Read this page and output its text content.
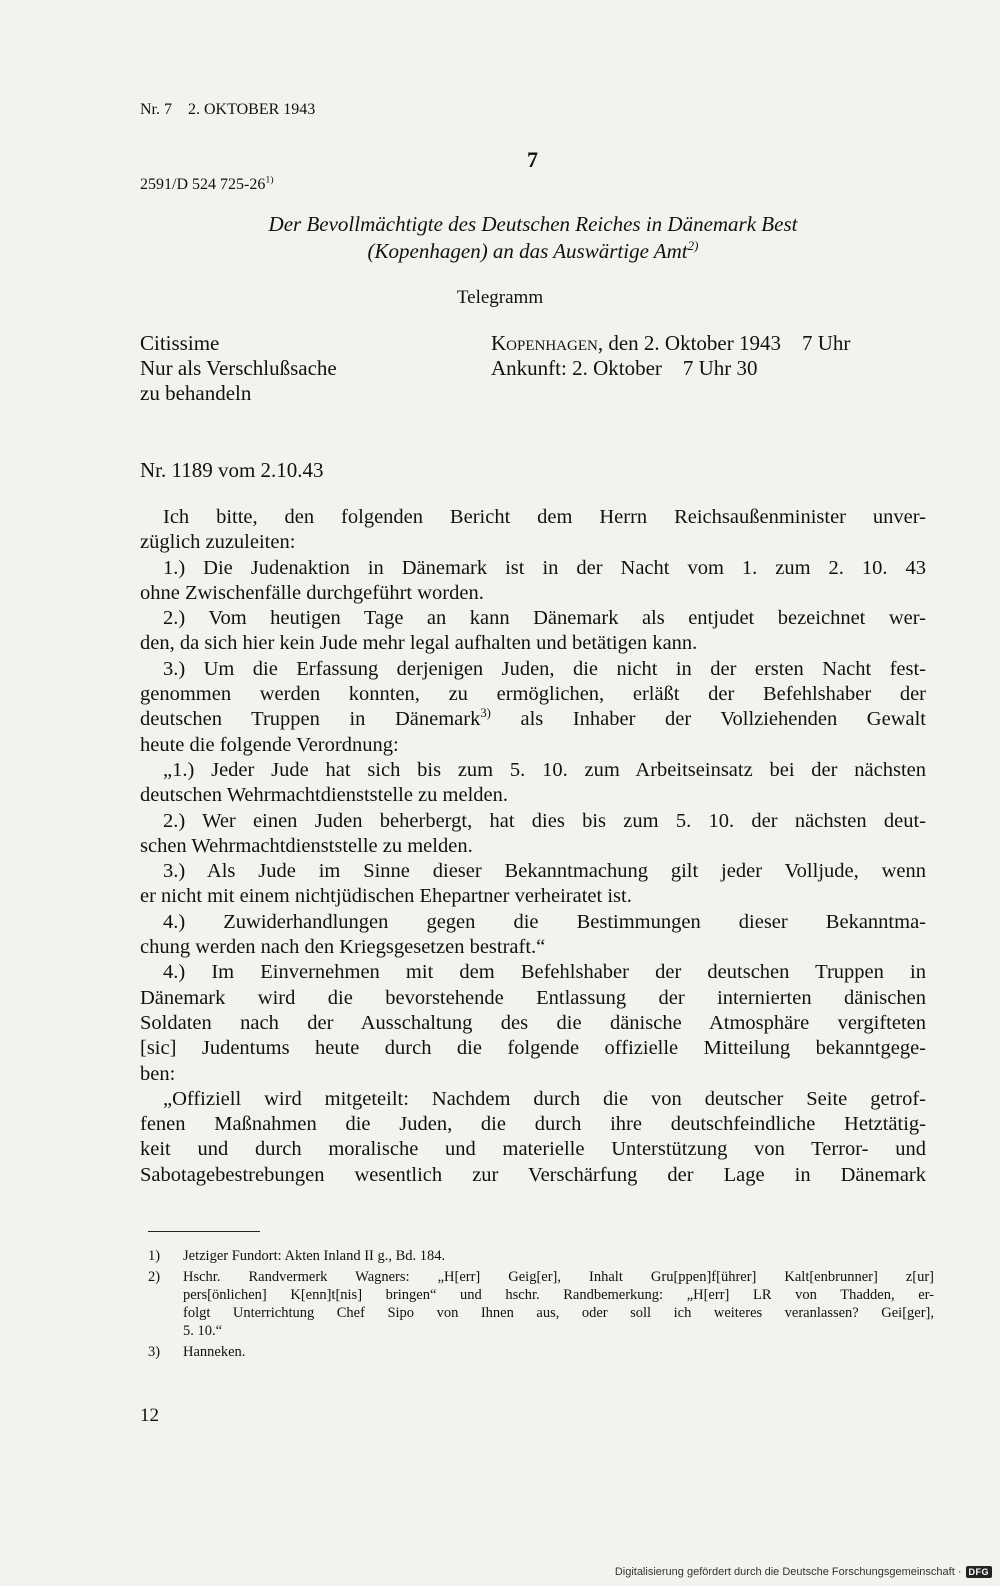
Nr. 7    2. OKTOBER 1943
7
2591/D 524 725-26$^{1)}$
Der Bevollmächtigte des Deutschen Reiches in Dänemark Best
(Kopenhagen) an das Auswärtige Amt$^{2)}$
Telegramm
Citissime
Nur als Verschlußsache
zu behandeln
Kopenhagen, den 2. Oktober 1943    7 Uhr
Ankunft: 2. Oktober    7 Uhr 30
Nr. 1189 vom 2.10.43
Ich bitte, den folgenden Bericht dem Herrn Reichsaußenminister unver-
züglich zuzuleiten:
1.) Die Judenaktion in Dänemark ist in der Nacht vom 1. zum 2. 10. 43
ohne Zwischenfälle durchgeführt worden.
2.) Vom heutigen Tage an kann Dänemark als entjudet bezeichnet wer-
den, da sich hier kein Jude mehr legal aufhalten und betätigen kann.
3.) Um die Erfassung derjenigen Juden, die nicht in der ersten Nacht fest-
genommen werden konnten, zu ermöglichen, erläßt der Befehlshaber der
deutschen Truppen in Dänemark$^{3)}$ als Inhaber der Vollziehenden Gewalt
heute die folgende Verordnung:
„1.) Jeder Jude hat sich bis zum 5. 10. zum Arbeitseinsatz bei der nächsten
deutschen Wehrmachtdienststelle zu melden.
2.) Wer einen Juden beherbergt, hat dies bis zum 5. 10. der nächsten deut-
schen Wehrmachtdienststelle zu melden.
3.) Als Jude im Sinne dieser Bekanntmachung gilt jeder Volljude, wenn
er nicht mit einem nichtjüdischen Ehepartner verheiratet ist.
4.) Zuwiderhandlungen gegen die Bestimmungen dieser Bekanntma-
chung werden nach den Kriegsgesetzen bestraft.“
4.) Im Einvernehmen mit dem Befehlshaber der deutschen Truppen in
Dänemark wird die bevorstehende Entlassung der internierten dänischen
Soldaten nach der Ausschaltung des die dänische Atmosphäre vergifteten
[sic] Judentums heute durch die folgende offizielle Mitteilung bekanntgege-
ben:
„Offiziell wird mitgeteilt: Nachdem durch die von deutscher Seite getrof-
fenen Maßnahmen die Juden, die durch ihre deutschfeindliche Hetztätig-
keit und durch moralische und materielle Unterstützung von Terror- und
Sabotagebestrebungen wesentlich zur Verschärfung der Lage in Dänemark
1) Jetziger Fundort: Akten Inland II g., Bd. 184.
2) Hschr. Randvermerk Wagners: „H[err] Geig[er], Inhalt Gru[ppen]f[ührer] Kalt[enbrunner] z[ur]
pers[önlichen] K[enn]t[nis] bringen“ und hschr. Randbemerkung: „H[err] LR von Thadden, er-
folgt Unterrichtung Chef Sipo von Ihnen aus, oder soll ich weiteres veranlassen? Gei[ger],
5. 10.“
3) Hanneken.
12
Digitalisierung gefördert durch die Deutsche Forschungsgemeinschaft · DFG
